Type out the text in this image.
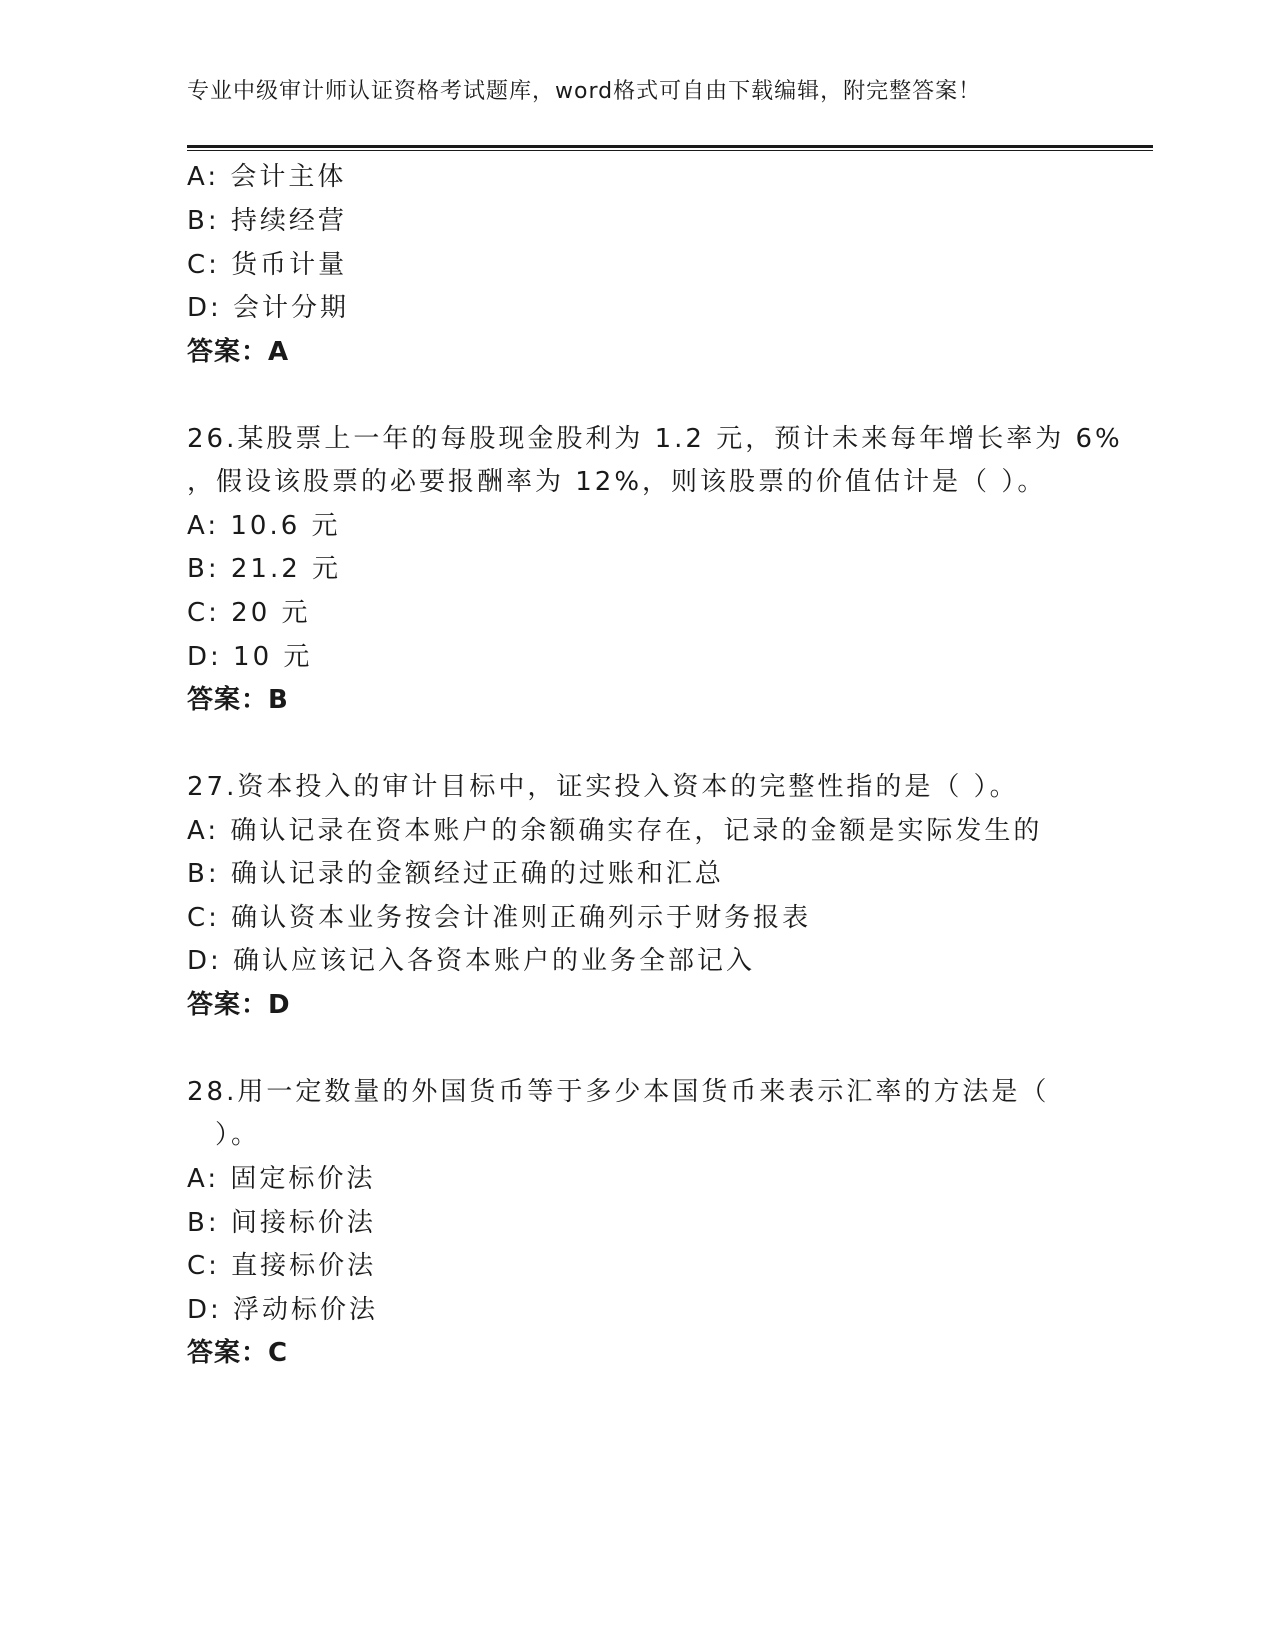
专业中级审计师认证资格考试题库，word格式可自由下载编辑，附完整答案！
A: 会计主体
B: 持续经营
C: 货币计量
D: 会计分期
答案：A
26.某股票上一年的每股现金股利为 1.2 元，预计未来每年增长率为 6%
，假设该股票的必要报酬率为 12%，则该股票的价值估计是（ ）。
A: 10.6 元
B: 21.2 元
C: 20 元
D: 10 元
答案：B
27.资本投入的审计目标中，证实投入资本的完整性指的是（ ）。
A: 确认记录在资本账户的余额确实存在，记录的金额是实际发生的
B: 确认记录的金额经过正确的过账和汇总
C: 确认资本业务按会计准则正确列示于财务报表
D: 确认应该记入各资本账户的业务全部记入
答案：D
28.用一定数量的外国货币等于多少本国货币来表示汇率的方法是（
）。
A: 固定标价法
B: 间接标价法
C: 直接标价法
D: 浮动标价法
答案：C
